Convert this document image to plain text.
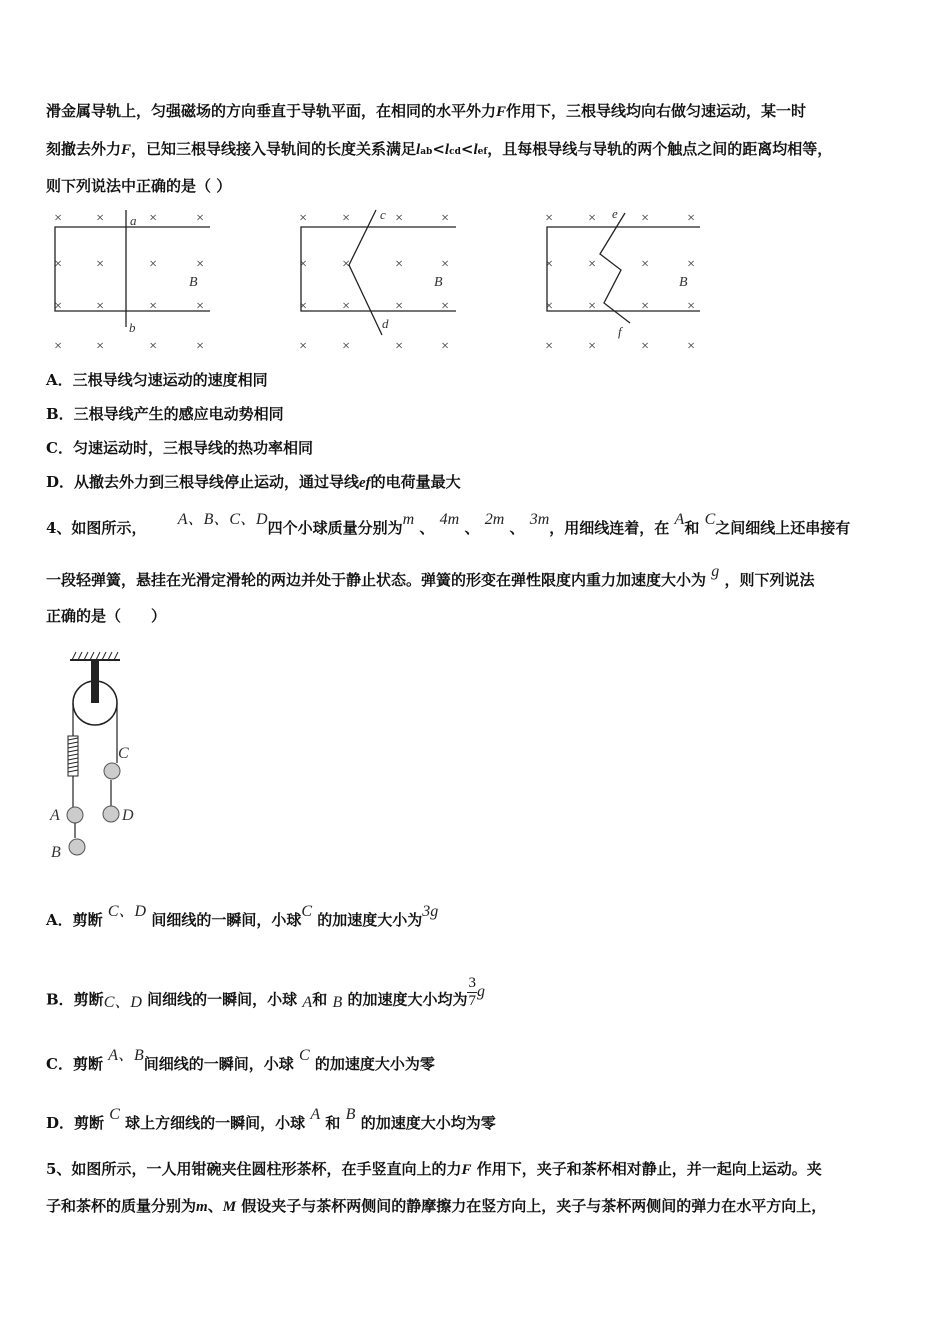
滑金属导轨上，匀强磁场的方向垂直于导轨平面，在相同的水平外力F作用下，三根导线均向右做匀速运动，某一时
刻撤去外力F，已知三根导线接入导轨间的长度关系满足lab<lcd<lef，且每根导线与导轨的两个触点之间的距离均相等，
则下列说法中正确的是（ ）
× ×	×	×
× ×	×	×
× ×	×	×
× ×	×	×
× ×	×	×
× ×	×	×
× ×	×	×
× ×	×	×
× ×	×	×
× ×	×	×
× ×	×	×
× ×	×	×
a
b
B
c
d
B
e
f
B
A．三根导线匀速运动的速度相同
B．三根导线产生的感应电动势相同
C．匀速运动时，三根导线的热功率相同
D．从撤去外力到三根导线停止运动，通过导线ef的电荷量最大
4、如图所示， A、B、C、D四个小球质量分别为m 、 4m 、 2m 、 3m，用细线连着，在 A和 C之间细线上还串接有
一段轻弹簧，悬挂在光滑定滑轮的两边并处于静止状态。弹簧的形变在弹性限度内重力加速度大小为 g ，则下列说法
正确的是（　　）
A
B
C
D
A．剪断 C、D 间细线的一瞬间，小球C 的加速度大小为3g
B．剪断C、D 间细线的一瞬间，小球 A和 B 的加速度大小均为 $\frac{3}{7}$ g
C．剪断 A、B间细线的一瞬间，小球 C 的加速度大小为零
D．剪断 C 球上方细线的一瞬间，小球 A 和 B 的加速度大小均为零
5、如图所示，一人用钳碗夹住圆柱形茶杯，在手竖直向上的力F 作用下，夹子和茶杯相对静止，并一起向上运动。夹
子和茶杯的质量分别为m、M 假设夹子与茶杯两侧间的静摩擦力在竖方向上，夹子与茶杯两侧间的弹力在水平方向上，
